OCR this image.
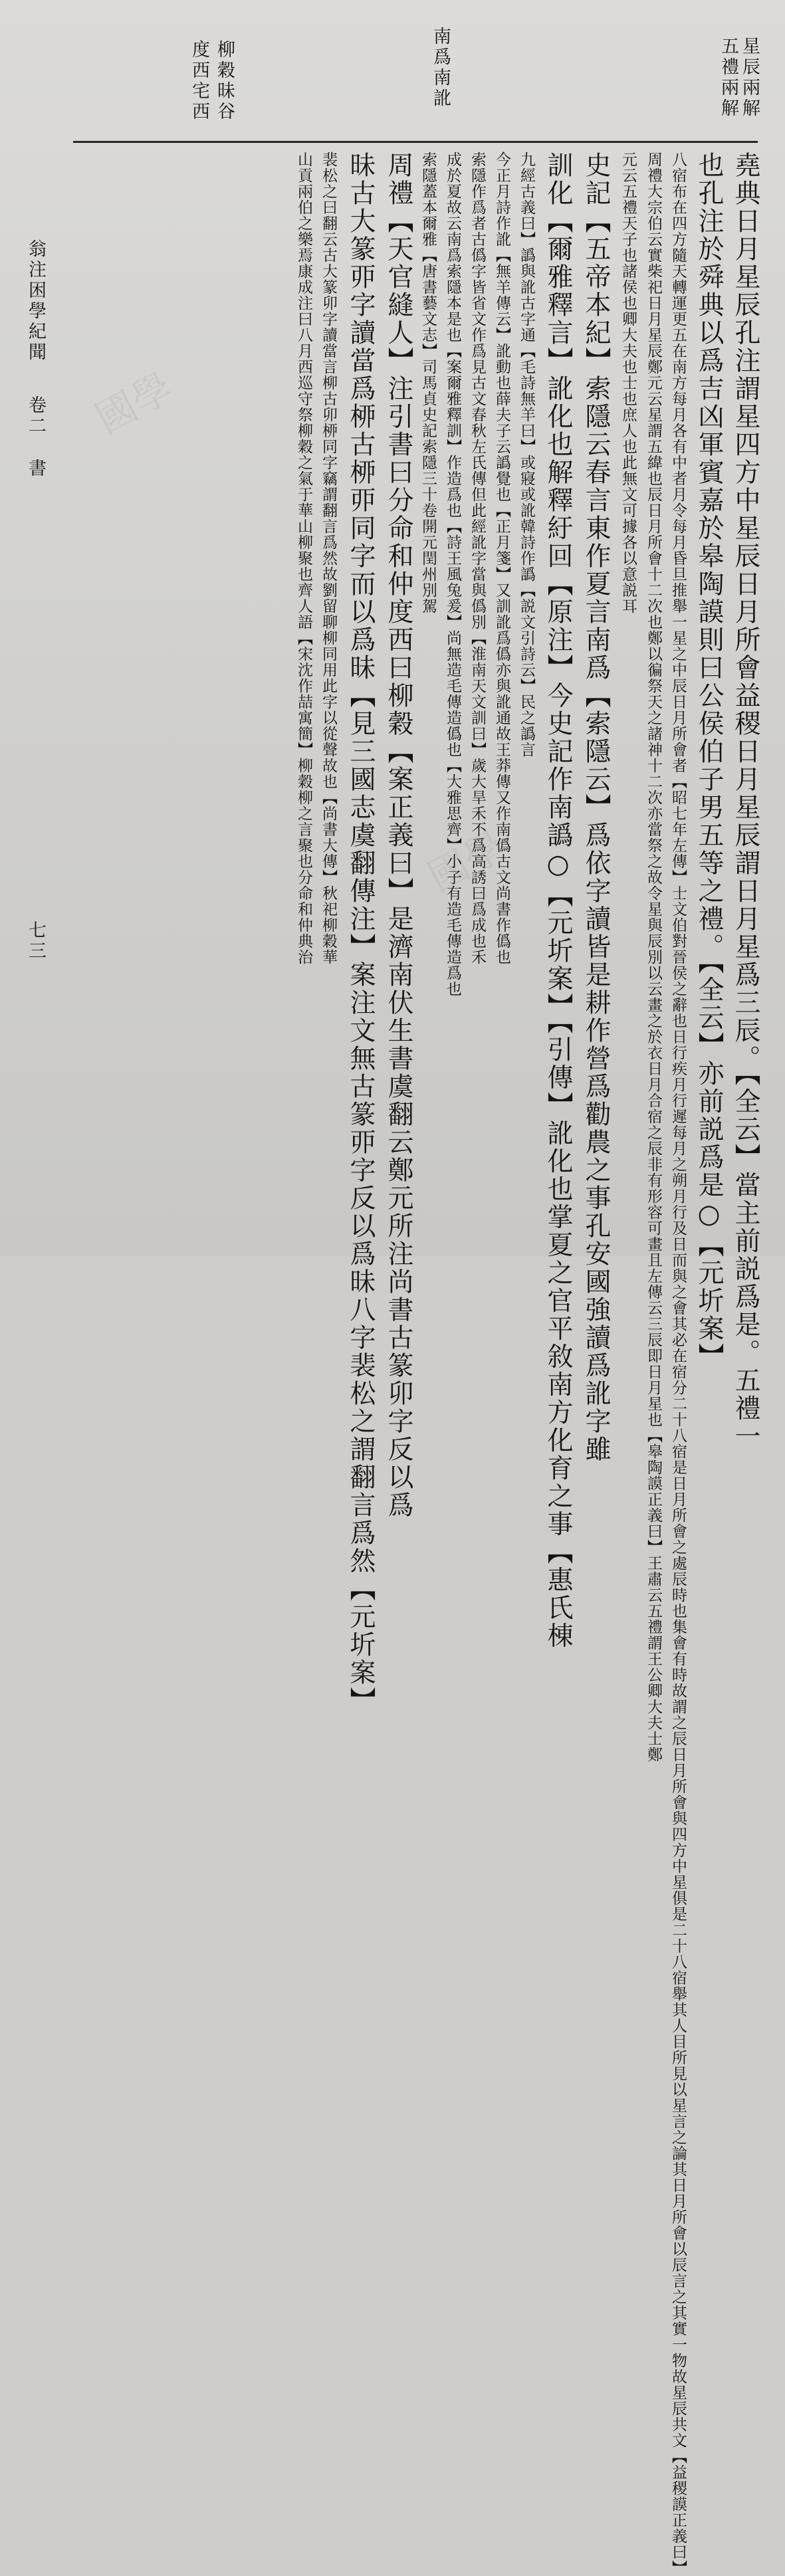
國學
國學
星辰兩解
五禮兩解
南爲南訛
柳穀昧谷
度西宅西
堯典日月星辰孔注謂星四方中星辰日月所會益稷日月星辰謂日月星爲三辰。【全云】當主前説爲是。五禮一
也孔注於舜典以爲吉凶軍賓嘉於皋陶謨則曰公侯伯子男五等之禮。【全云】亦前説爲是○【元圻案】
八宿布在四方隨天轉運更五在南方每月各有中者月令每月昏旦推舉一星之中辰日月所會者【昭七年左傳】士文伯對晉侯之辭也日行疾月行遲每月之朔月行及日而與之會其必在宿分二十八宿是日月所會之處辰時也集會有時故謂之辰日月所會與四方中星俱是二十八宿舉其人目所見以星言之論其日月所會以辰言之其實一物故星辰共文【益稷謨正義曰】
周禮大宗伯云實柴祀日月星辰鄭元云星謂五緯也辰日月所會十二次也鄭以徧祭天之諸神十二次亦當祭之故令星與辰別以云畫之於衣日月合宿之辰非有形容可畫且左傳云三辰即日月星也【皋陶謨正義曰】王肅云五禮謂王公卿大夫士鄭
元云五禮天子也諸侯也卿大夫也士也庶人也此無文可據各以意説耳
史記【五帝本紀】索隱云春言東作夏言南爲【索隱云】爲依字讀皆是耕作營爲勸農之事孔安國強讀爲訛字雖
訓化【爾雅釋言】訛化也解釋紆回【原注】今史記作南譌○【元圻案】【引傳】訛化也掌夏之官平敘南方化育之事【惠氏棟
九經古義曰】譌與訛古字通【毛詩無羊曰】或寢或訛韓詩作譌【説文引詩云】民之譌言
今正月詩作訛【無羊傳云】訛動也薛夫子云譌覺也【正月箋】又訓訛爲僞亦與訛通故王莽傳又作南僞古文尚書作僞也
索隱作爲者古僞字皆省文作爲見古文春秋左氏傳但此經訛字當與僞別【淮南天文訓曰】歲大旱禾不爲高誘曰爲成也禾
成於夏故云南爲索隱本是也【案爾雅釋訓】作造爲也【詩王風兔爰】尚無造毛傳造僞也【大雅思齊】小子有造毛傳造爲也
索隱蓋本爾雅【唐書藝文志】司馬貞史記索隱三十卷開元閏州別駕
周禮【天官縫人】注引書曰分命和仲度西曰柳穀【案正義曰】是濟南伏生書虞翻云鄭元所注尚書古篆卯字反以爲
昧古大篆丣字讀當爲桺古桺丣同字而以爲昧【見三國志虞翻傳注】案注文無古篆丣字反以爲昧八字裴松之謂翻言爲然【元圻案】
裴松之曰翻云古大篆卯字讀當言柳古卯桺同字竊謂翻言爲然故劉留聊柳同用此字以從聲故也【尚書大傳】秋祀柳穀華
山貢兩伯之樂焉康成注曰八月西巡守祭柳穀之氣于華山柳聚也齊人語【宋沈作喆寓簡】柳穀柳之言聚也分命和仲典治
翁注困學紀聞
卷二
書
七三
